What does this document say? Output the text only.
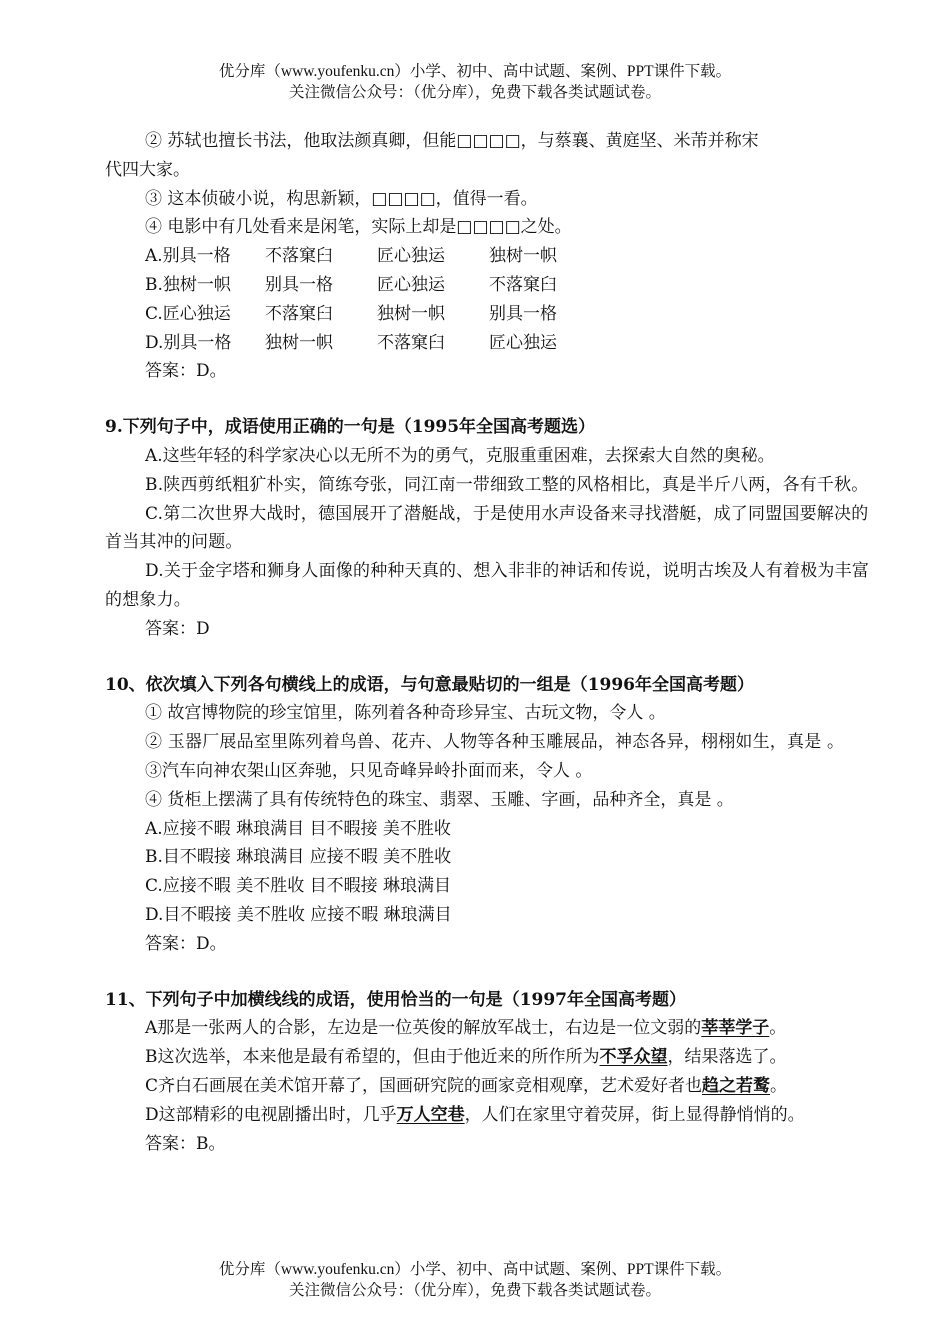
优分库（www.youfenku.cn）小学、初中、高中试题、案例、PPT课件下载。
关注微信公众号：（优分库），免费下载各类试题试卷。

② 苏轼也擅长书法，他取法颜真卿，但能□□□□，与蔡襄、黄庭坚、米芾并称宋

代四大家。

③ 这本侦破小说，构思新颖，□□□□，值得一看。

④ 电影中有几处看来是闲笔，实际上却是□□□□之处。

A.别具一格	不落窠臼	匠心独运	独树一帜
B.独树一帜	别具一格	匠心独运	不落窠臼
C.匠心独运	不落窠臼	独树一帜	别具一格
D.别具一格	独树一帜	不落窠臼	匠心独运

答案：D。

9.下列句子中，成语使用正确的一句是（1995年全国高考题选）

A.这些年轻的科学家决心以无所不为的勇气，克服重重困难，去探索大自然的奥秘。

B.陕西剪纸粗犷朴实，简练夸张，同江南一带细致工整的风格相比，真是半斤八两，各有千秋。

C.第二次世界大战时，德国展开了潜艇战，于是使用水声设备来寻找潜艇，成了同盟国要解决的首当其冲的问题。

D.关于金字塔和狮身人面像的种种天真的、想入非非的神话和传说，说明古埃及人有着极为丰富的想象力。

答案：D

10、依次填入下列各句横线上的成语，与句意最贴切的一组是（1996年全国高考题）

① 故宫博物院的珍宝馆里，陈列着各种奇珍异宝、古玩文物，令人 。

② 玉器厂展品室里陈列着鸟兽、花卉、人物等各种玉雕展品，神态各异，栩栩如生，真是 。

③汽车向神农架山区奔驰，只见奇峰异岭扑面而来，令人 。

④ 货柜上摆满了具有传统特色的珠宝、翡翠、玉雕、字画，品种齐全，真是 。

A.应接不暇 琳琅满目 目不暇接 美不胜收

B.目不暇接 琳琅满目 应接不暇 美不胜收

C.应接不暇 美不胜收 目不暇接 琳琅满目

D.目不暇接 美不胜收 应接不暇 琳琅满目

答案：D。

11、下列句子中加横线线的成语，使用恰当的一句是（1997年全国高考题）

A那是一张两人的合影，左边是一位英俊的解放军战士，右边是一位文弱的莘莘学子。

B这次选举，本来他是最有希望的，但由于他近来的所作所为不孚众望，结果落选了。

C齐白石画展在美术馆开幕了，国画研究院的画家竞相观摩，艺术爱好者也趋之若鹜。

D这部精彩的电视剧播出时，几乎万人空巷，人们在家里守着荧屏，街上显得静悄悄的。

答案：B。

优分库（www.youfenku.cn）小学、初中、高中试题、案例、PPT课件下载。
关注微信公众号：（优分库），免费下载各类试题试卷。
